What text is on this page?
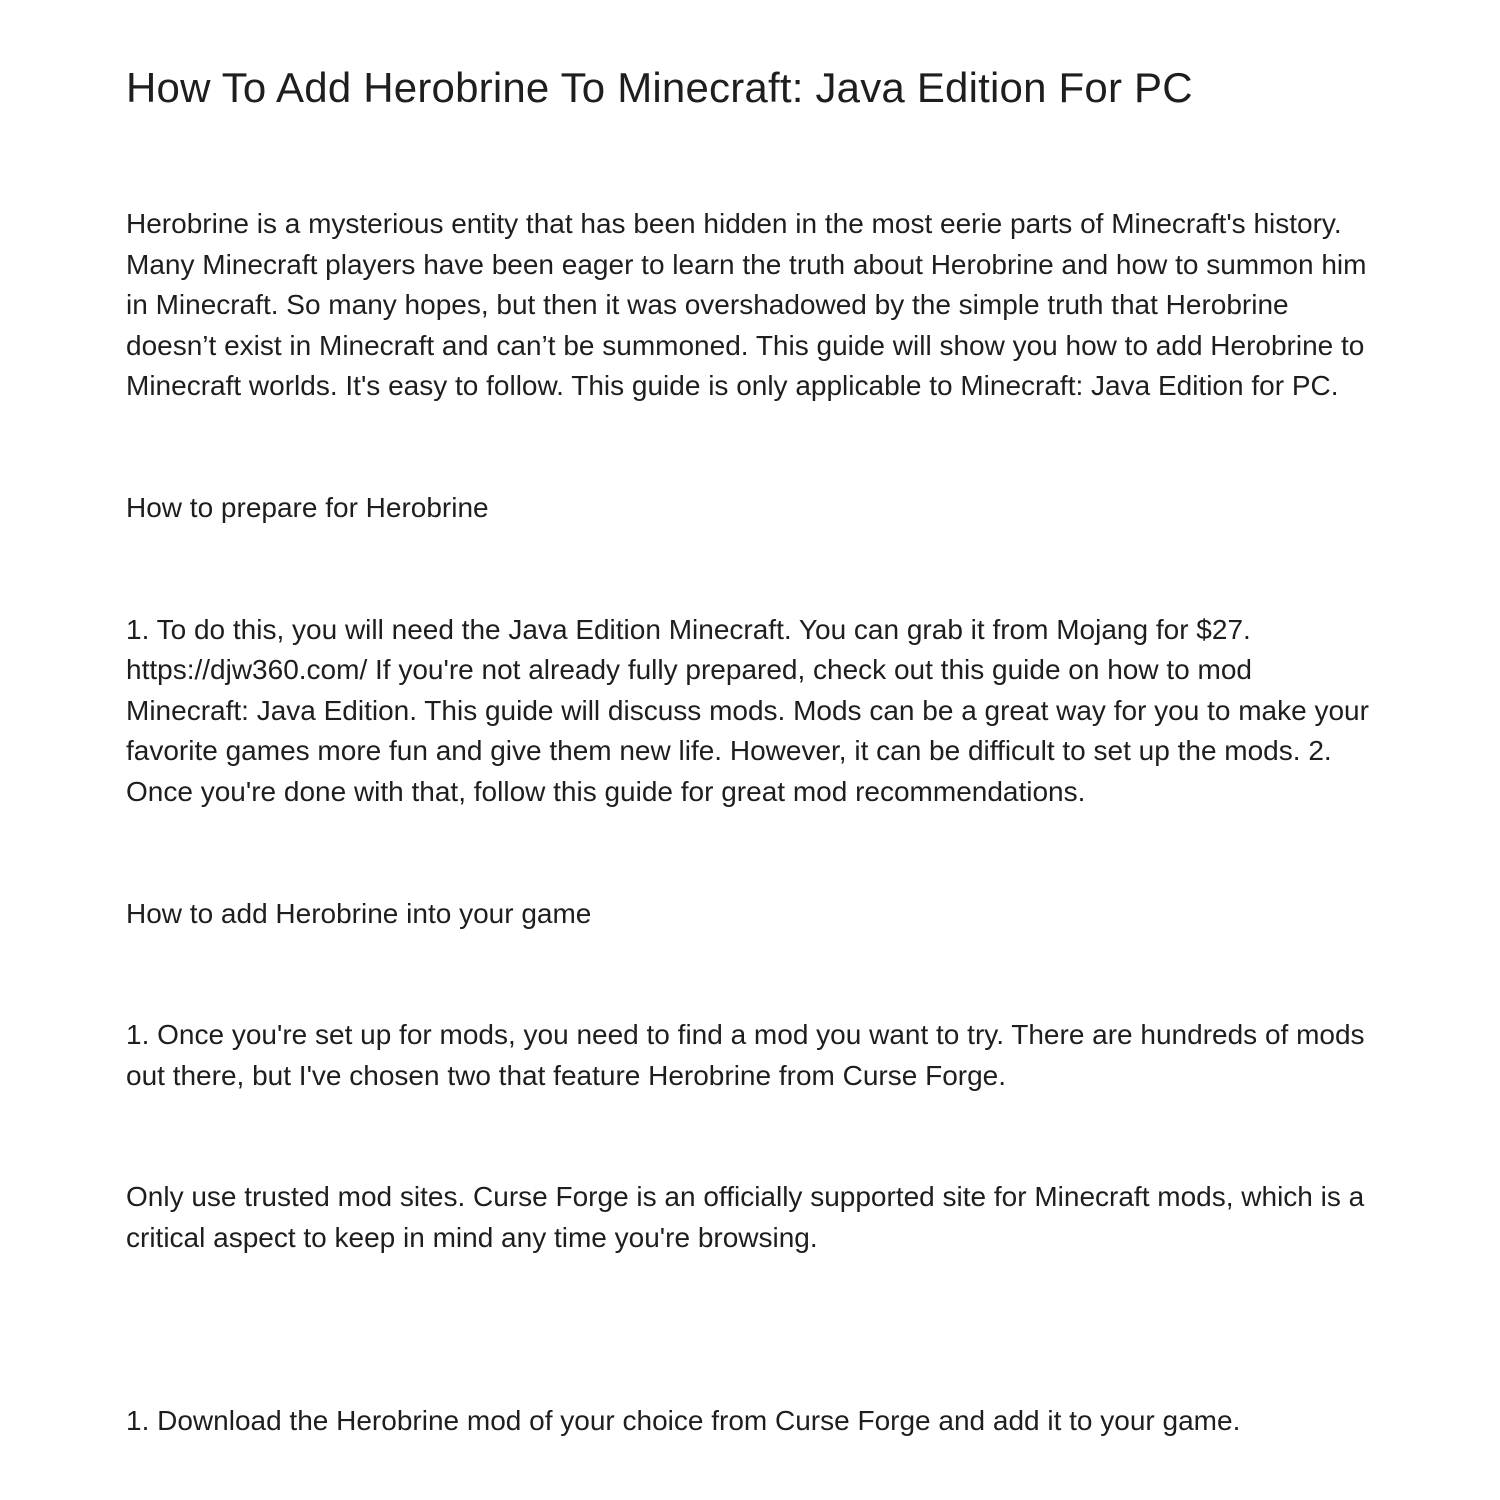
How To Add Herobrine To Minecraft: Java Edition For PC

Herobrine is a mysterious entity that has been hidden in the most eerie parts of Minecraft's history. Many Minecraft players have been eager to learn the truth about Herobrine and how to summon him in Minecraft. So many hopes, but then it was overshadowed by the simple truth that Herobrine doesn’t exist in Minecraft and can’t be summoned. This guide will show you how to add Herobrine to Minecraft worlds. It's easy to follow. This guide is only applicable to Minecraft: Java Edition for PC.

How to prepare for Herobrine

1. To do this, you will need the Java Edition Minecraft. You can grab it from Mojang for $27. https://djw360.com/ If you're not already fully prepared, check out this guide on how to mod Minecraft: Java Edition. This guide will discuss mods. Mods can be a great way for you to make your favorite games more fun and give them new life. However, it can be difficult to set up the mods. 2. Once you're done with that, follow this guide for great mod recommendations.

How to add Herobrine into your game

1. Once you're set up for mods, you need to find a mod you want to try. There are hundreds of mods out there, but I've chosen two that feature Herobrine from Curse Forge.

Only use trusted mod sites. Curse Forge is an officially supported site for Minecraft mods, which is a critical aspect to keep in mind any time you're browsing.

1. Download the Herobrine mod of your choice from Curse Forge and add it to your game.
